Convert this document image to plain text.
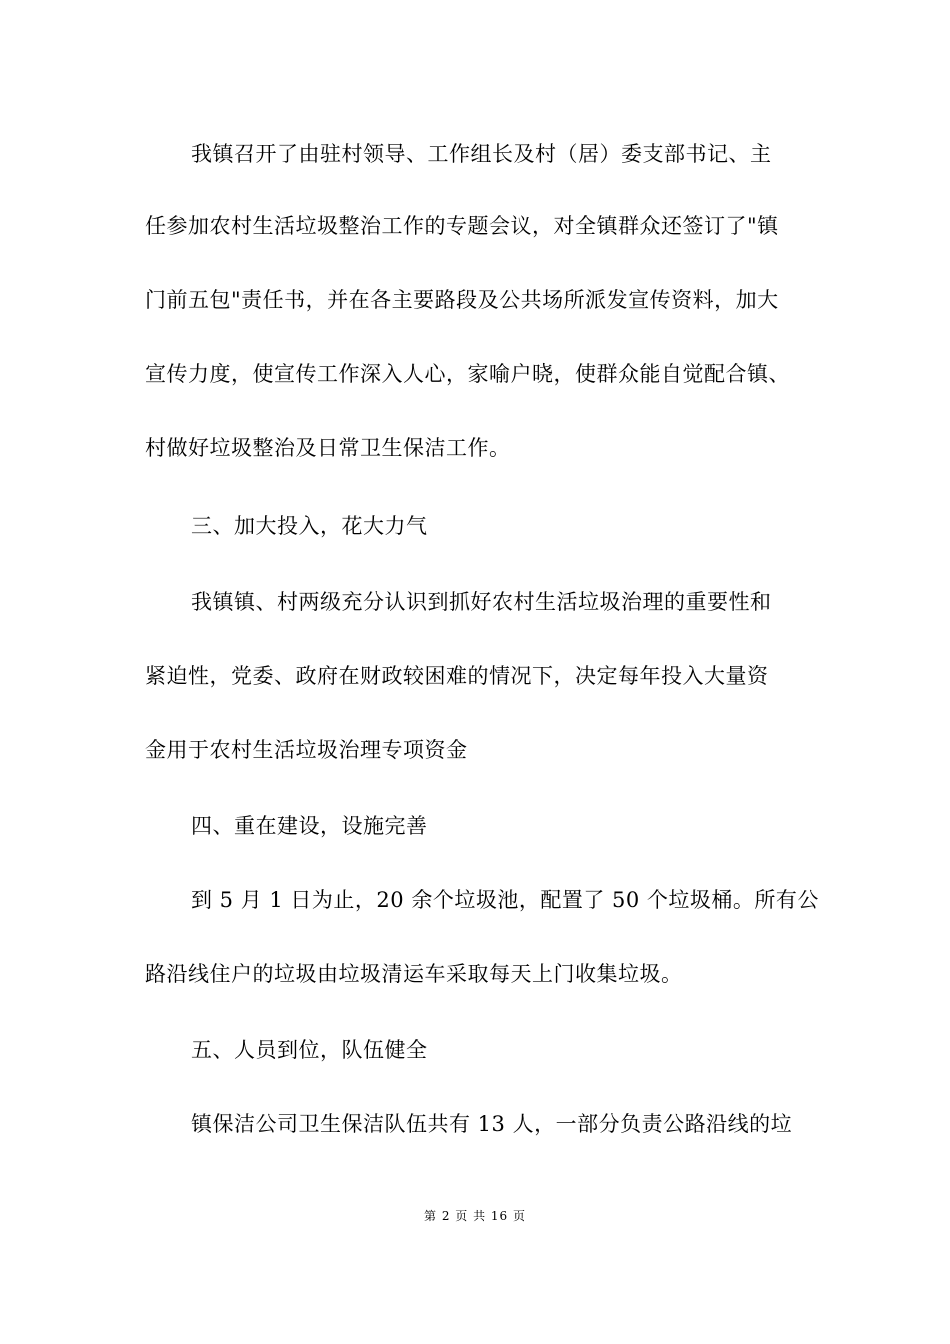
我镇召开了由驻村领导、工作组长及村（居）委支部书记、主
任参加农村生活垃圾整治工作的专题会议，对全镇群众还签订了"镇
门前五包"责任书，并在各主要路段及公共场所派发宣传资料，加大
宣传力度，使宣传工作深入人心，家喻户晓，使群众能自觉配合镇、
村做好垃圾整治及日常卫生保洁工作。
三、加大投入，花大力气
我镇镇、村两级充分认识到抓好农村生活垃圾治理的重要性和
紧迫性，党委、政府在财政较困难的情况下，决定每年投入大量资
金用于农村生活垃圾治理专项资金
四、重在建设，设施完善
到 5 月 1 日为止，20 余个垃圾池，配置了 50 个垃圾桶。所有公
路沿线住户的垃圾由垃圾清运车采取每天上门收集垃圾。
五、人员到位，队伍健全
镇保洁公司卫生保洁队伍共有 13 人，一部分负责公路沿线的垃
第 2 页 共 16 页
